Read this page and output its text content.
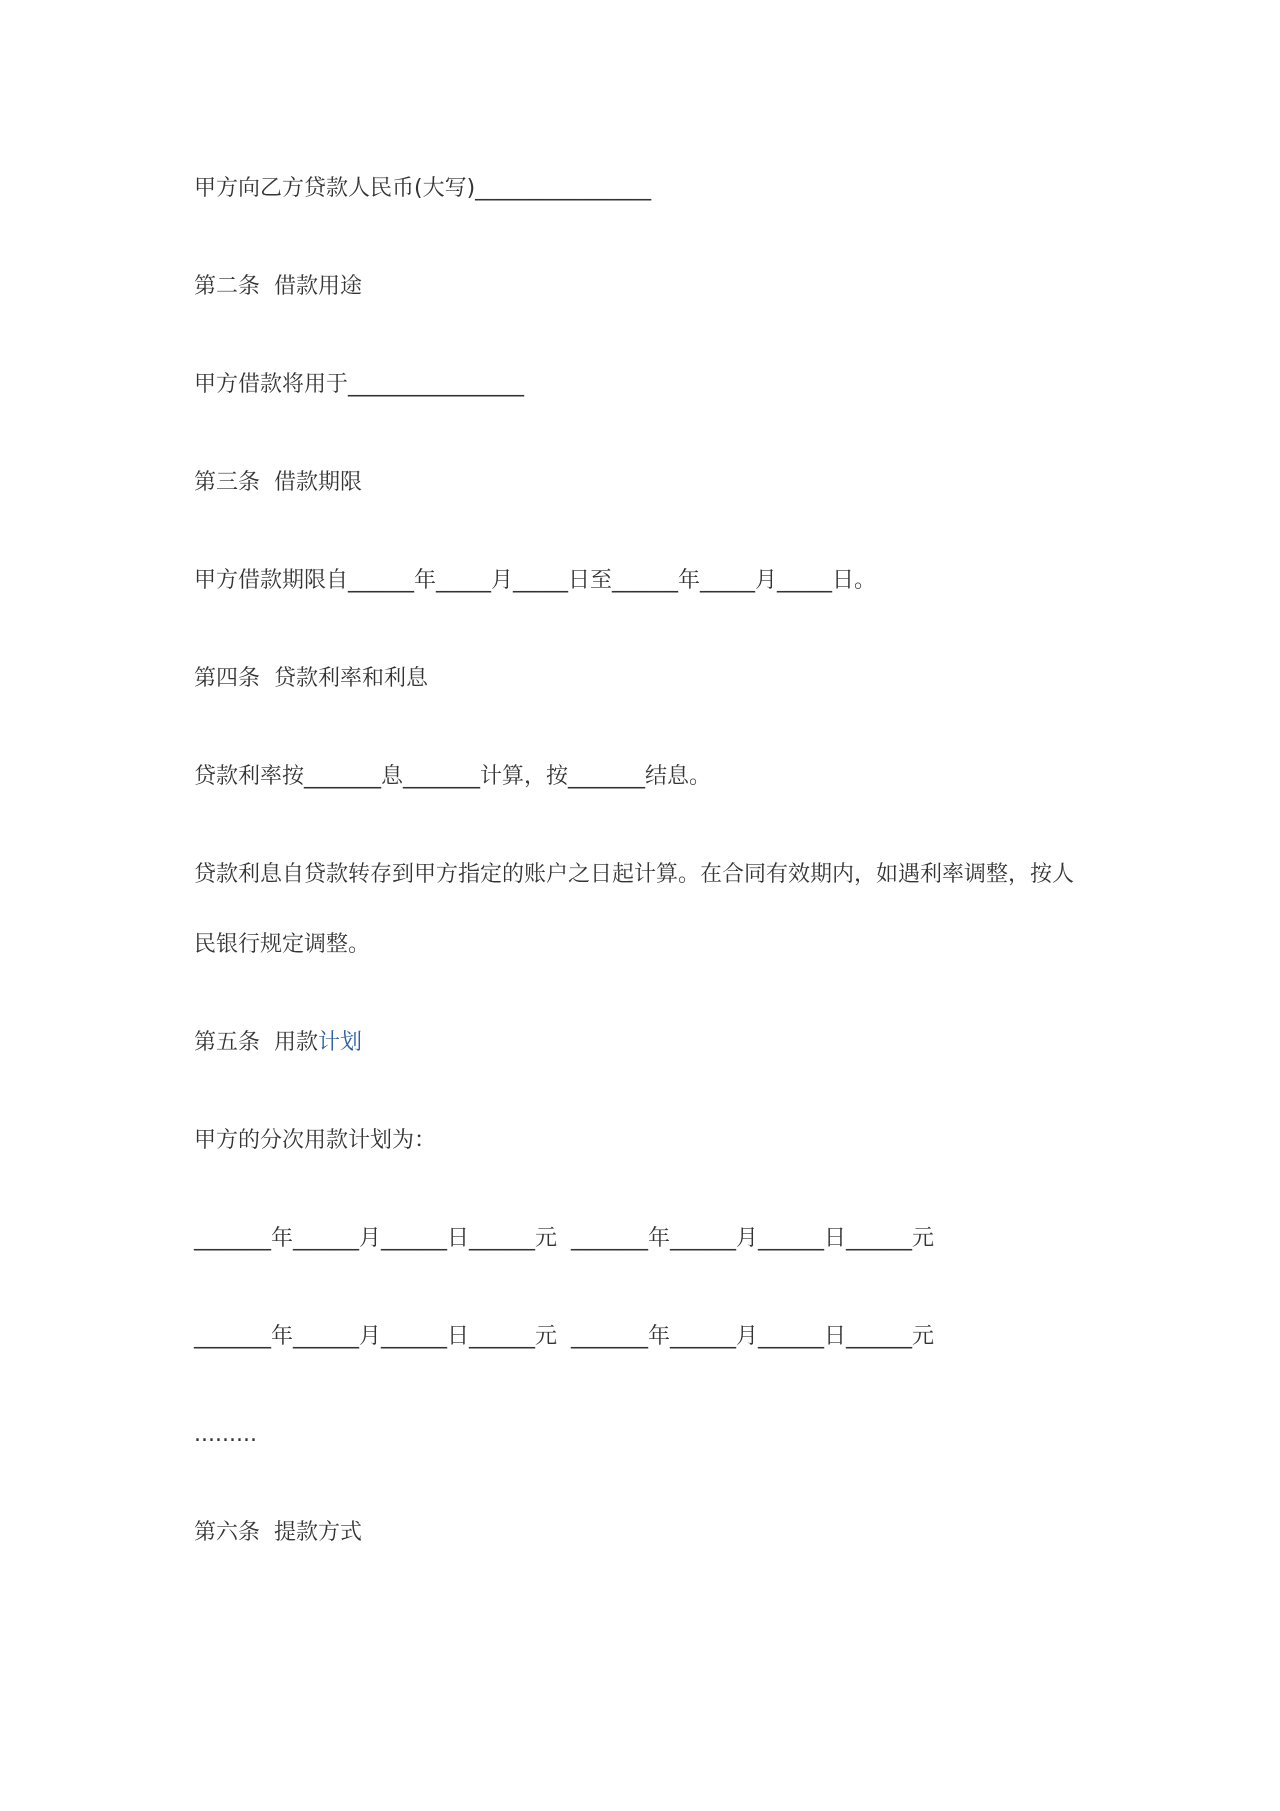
甲方向乙方贷款人民币(大写)________________
第二条  借款用途
甲方借款将用于________________
第三条  借款期限
甲方借款期限自______年_____月_____日至______年_____月_____日。
第四条  贷款利率和利息
贷款利率按_______息_______计算，按_______结息。
贷款利息自贷款转存到甲方指定的账户之日起计算。在合同有效期内，如遇利率调整，按人
民银行规定调整。
第五条  用款计划
甲方的分次用款计划为：
_______年______月______日______元  _______年______月______日______元
_______年______月______日______元  _______年______月______日______元
.........
第六条  提款方式
